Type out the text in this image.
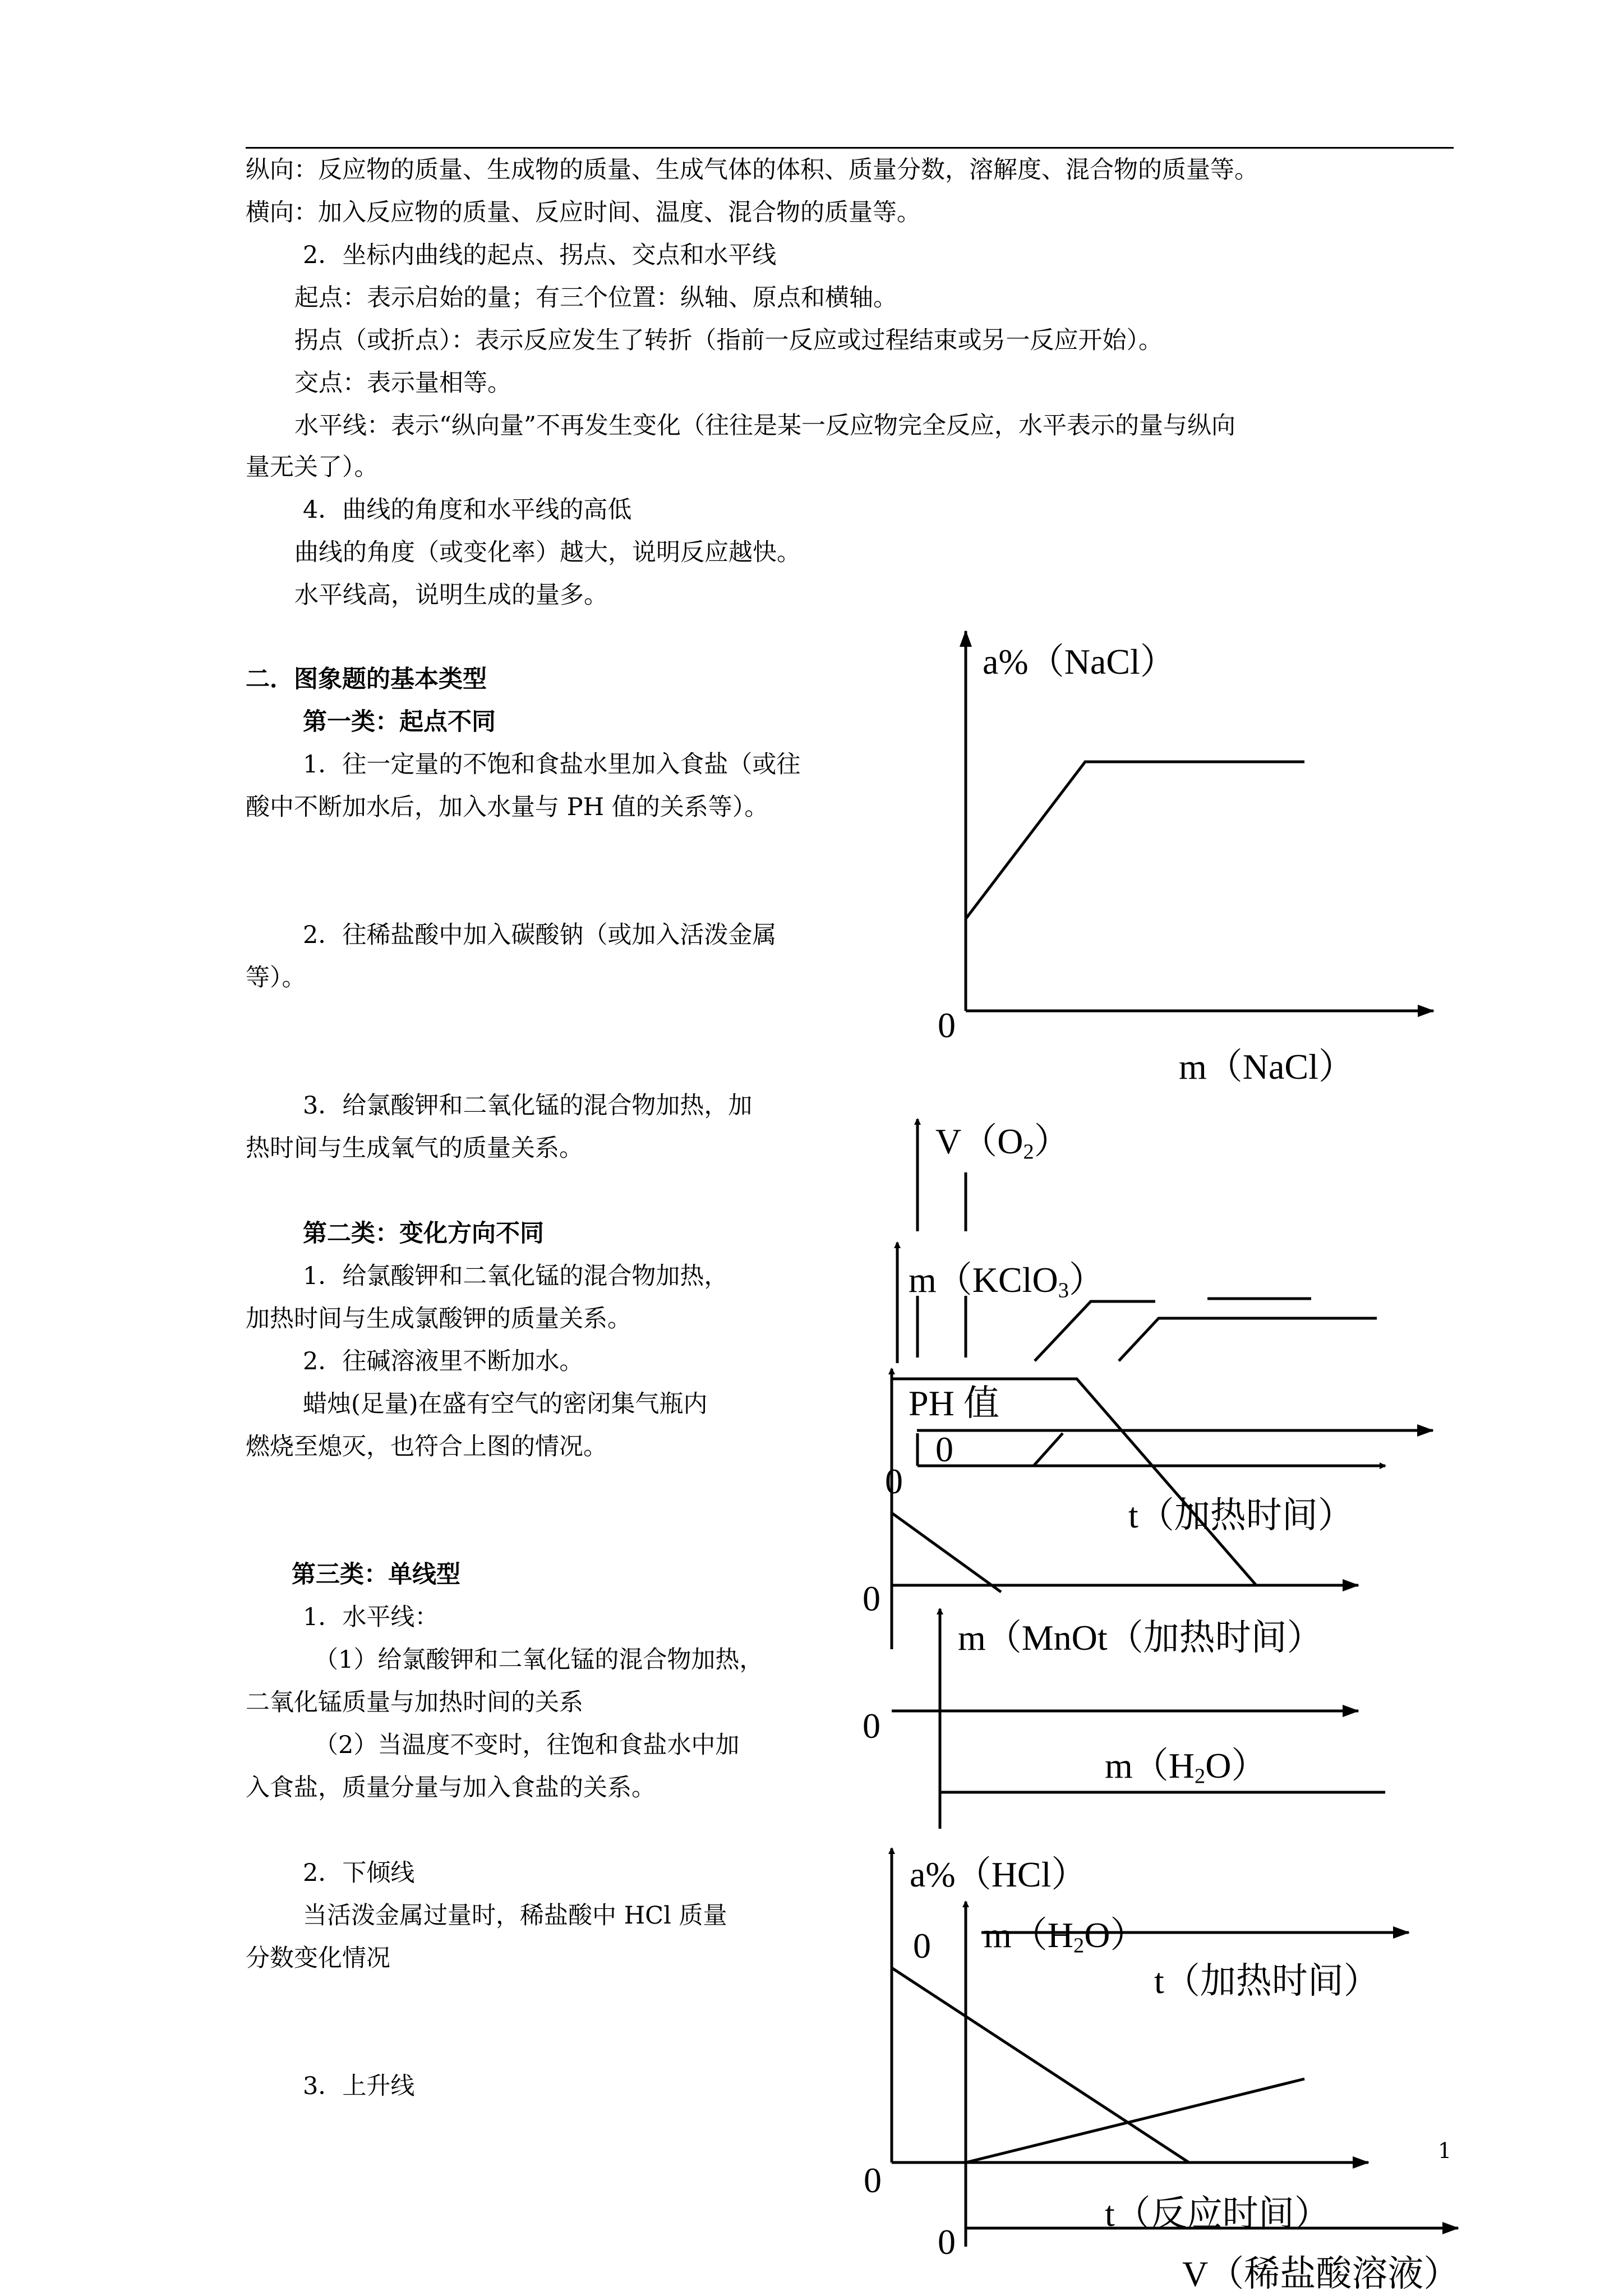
纵向：反应物的质量、生成物的质量、生成气体的体积、质量分数，溶解度、混合物的质量等。
横向：加入反应物的质量、反应时间、温度、混合物的质量等。
2．坐标内曲线的起点、拐点、交点和水平线
起点：表示启始的量；有三个位置：纵轴、原点和横轴。
拐点（或折点）：表示反应发生了转折（指前一反应或过程结束或另一反应开始）。
交点：表示量相等。
水平线：表示“纵向量”不再发生变化（往往是某一反应物完全反应，水平表示的量与纵向
量无关了）。
4．曲线的角度和水平线的高低
曲线的角度（或变化率）越大，说明反应越快。
水平线高，说明生成的量多。
二．图象题的基本类型
第一类：起点不同
1．往一定量的不饱和食盐水里加入食盐（或往
酸中不断加水后，加入水量与 PH 值的关系等）。
2．往稀盐酸中加入碳酸钠（或加入活泼金属
等）。
3．给氯酸钾和二氧化锰的混合物加热，加
热时间与生成氧气的质量关系。
第二类：变化方向不同
1．给氯酸钾和二氧化锰的混合物加热，
加热时间与生成氯酸钾的质量关系。
2．往碱溶液里不断加水。
蜡烛(足量)在盛有空气的密闭集气瓶内
燃烧至熄灭，也符合上图的情况。
第三类：单线型
1．水平线：
（1）给氯酸钾和二氧化锰的混合物加热，
二氧化锰质量与加热时间的关系
（2）当温度不变时，往饱和食盐水中加
入食盐，质量分量与加入食盐的关系。
2．下倾线
当活泼金属过量时，稀盐酸中 HCl 质量
分数变化情况
3．上升线
a%（NaCl）
0
m（NaCl）
$V(O_2)$
m（KClO$_3$）
PH 值
0
0
t（加热时间）
0
m（MnOt（加热时间）
0
$m(H_2O)$
a%（HCl）
0 $m(H_2O)$
t（加热时间）
0
t（反应时间）
0
V（稀盐酸溶液）
1
